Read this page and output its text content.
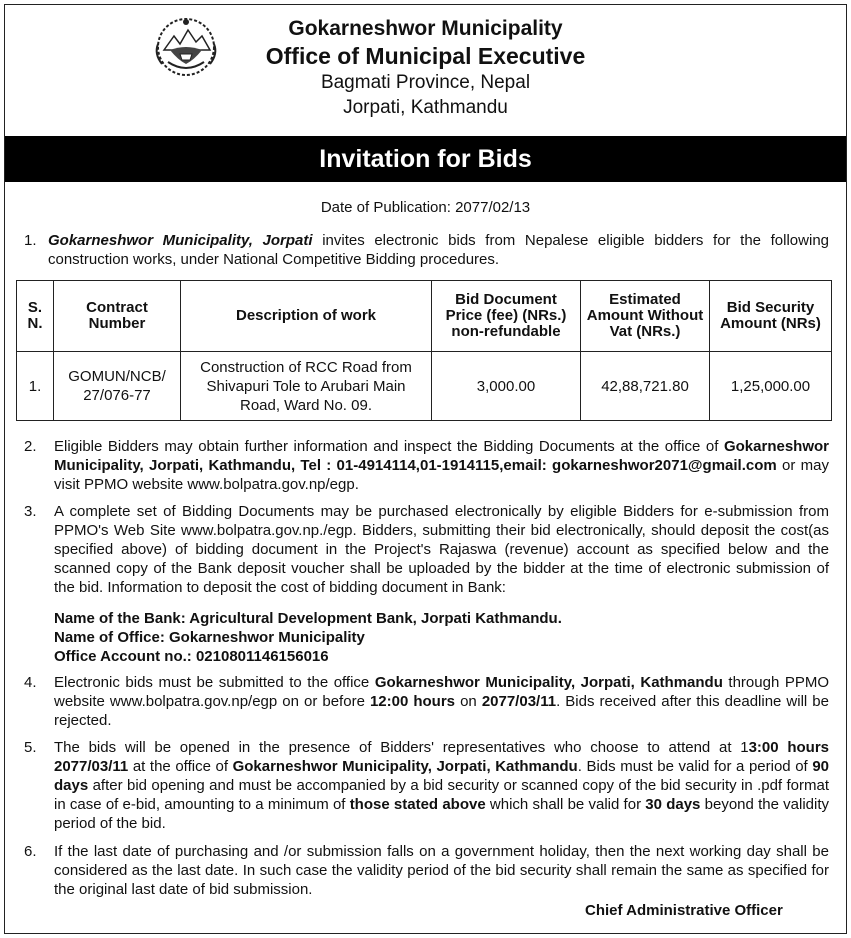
Gokarneshwor Municipality
Office of Municipal Executive
Bagmati Province, Nepal
Jorpati, Kathmandu
Invitation for Bids
Date of Publication: 2077/02/13
1. Gokarneshwor Municipality, Jorpati invites electronic bids from Nepalese eligible bidders for the following construction works, under National Competitive Bidding procedures.
S. N.	Contract Number	Description of work	Bid Document Price (fee) (NRs.) non-refundable	Estimated Amount Without Vat (NRs.)	Bid Security Amount (NRs)
1.	GOMUN/NCB/ 27/076-77	Construction of RCC Road from Shivapuri Tole to Arubari Main Road, Ward No. 09.	3,000.00	42,88,721.80	1,25,000.00
2. Eligible Bidders may obtain further information and inspect the Bidding Documents at the office of Gokarneshwor Municipality, Jorpati, Kathmandu, Tel : 01-4914114,01-1914115,email: gokarneshwor2071@gmail.com or may visit PPMO website www.bolpatra.gov.np/egp.
3. A complete set of Bidding Documents may be purchased electronically by eligible Bidders for e-submission from PPMO's Web Site www.bolpatra.gov.np./egp. Bidders, submitting their bid electronically, should deposit the cost(as specified above) of bidding document in the Project's Rajaswa (revenue) account as specified below and the scanned copy of the Bank deposit voucher shall be uploaded by the bidder at the time of electronic submission of the bid. Information to deposit the cost of bidding document in Bank:
Name of the Bank: Agricultural Development Bank, Jorpati Kathmandu.
Name of Office: Gokarneshwor Municipality
Office Account no.: 0210801146156016
4. Electronic bids must be submitted to the office Gokarneshwor Municipality, Jorpati, Kathmandu through PPMO website www.bolpatra.gov.np/egp on or before 12:00 hours on 2077/03/11. Bids received after this deadline will be rejected.
5. The bids will be opened in the presence of Bidders' representatives who choose to attend at 13:00 hours 2077/03/11 at the office of Gokarneshwor Municipality, Jorpati, Kathmandu. Bids must be valid for a period of 90 days after bid opening and must be accompanied by a bid security or scanned copy of the bid security in .pdf format in case of e-bid, amounting to a minimum of those stated above which shall be valid for 30 days beyond the validity period of the bid.
6. If the last date of purchasing and /or submission falls on a government holiday, then the next working day shall be considered as the last date. In such case the validity period of the bid security shall remain the same as specified for the original last date of bid submission.
Chief Administrative Officer
